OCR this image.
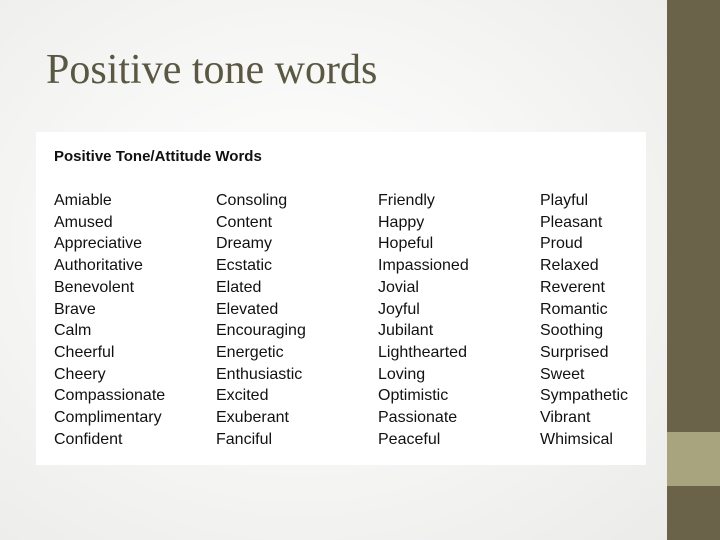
Positive tone words
Positive Tone/Attitude Words
Amiable
Amused
Appreciative
Authoritative
Benevolent
Brave
Calm
Cheerful
Cheery
Compassionate
Complimentary
Confident
Consoling
Content
Dreamy
Ecstatic
Elated
Elevated
Encouraging
Energetic
Enthusiastic
Excited
Exuberant
Fanciful
Friendly
Happy
Hopeful
Impassioned
Jovial
Joyful
Jubilant
Lighthearted
Loving
Optimistic
Passionate
Peaceful
Playful
Pleasant
Proud
Relaxed
Reverent
Romantic
Soothing
Surprised
Sweet
Sympathetic
Vibrant
Whimsical
